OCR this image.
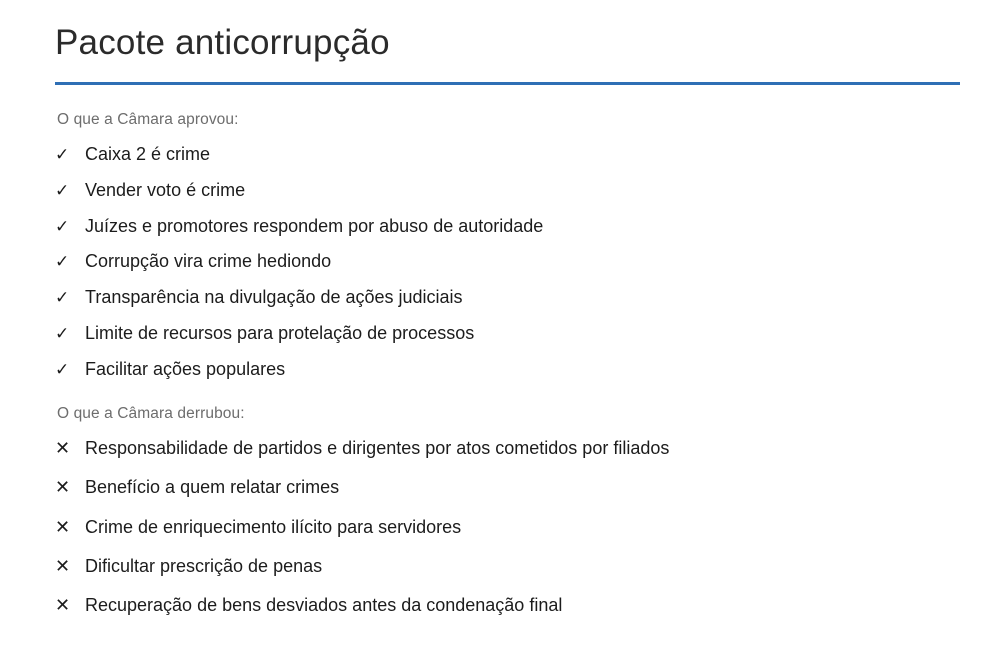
Pacote anticorrupção
O que a Câmara aprovou:
✓ Caixa 2 é crime
✓ Vender voto é crime
✓ Juízes e promotores respondem por abuso de autoridade
✓ Corrupção vira crime hediondo
✓ Transparência na divulgação de ações judiciais
✓ Limite de recursos para protelação de processos
✓ Facilitar ações populares
O que a Câmara derrubou:
✕ Responsabilidade de partidos e dirigentes por atos cometidos por filiados
✕ Benefício a quem relatar crimes
✕ Crime de enriquecimento ilícito para servidores
✕ Dificultar prescrição de penas
✕ Recuperação de bens desviados antes da condenação final
